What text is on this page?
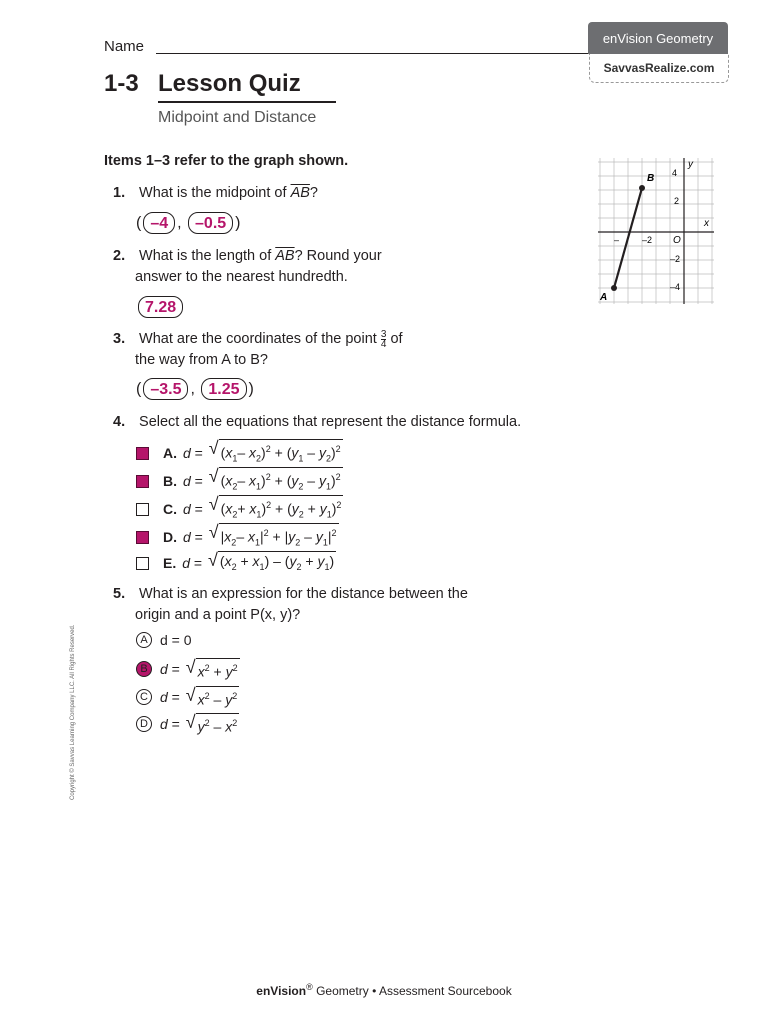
Name	enVision Geometry
SavvasRealize.com
1-3 Lesson Quiz
Midpoint and Distance
Items 1–3 refer to the graph shown.
1. What is the midpoint of $\overline{AB}$?
( –4 , –0.5 )
2. What is the length of $\overline{AB}$? Round your
answer to the nearest hundredth.
7.28
3. What are the coordinates of the point $\frac{3}{4}$ of
the way from A to B?
( –3.5 , 1.25 )
4. Select all the equations that represent the distance formula.
A. d = √ ($x_1-$ $x_2)^2 + (y_1 - y_2)^2$
B. d = √ ($x_2-$ $x_1)^2 + (y_2 - y_1)^2$
C. d = √ $(x_2+ x_1)^2 + (y_2 + y_1)^2$
D. d = √ $|x_2-$ $x_1|^2 + |y_2 - y_1|^2$
E. d = √ $(x_2 + x_1) - (y_2 + y_1)$
5. What is an expression for the distance between the
origin and a point P(x, y)?
A d = 0
B d = √ $x^2 + y^2$
C d = √ $x^2 - y^2$
D d = √ $y^2 - x^2$
A
B
x
y
O
4
2
–2
–2
–4
–
Copyright © Savvas Learning Company LLC. All Rights Reserved.
enVision® Geometry • Assessment Sourcebook
